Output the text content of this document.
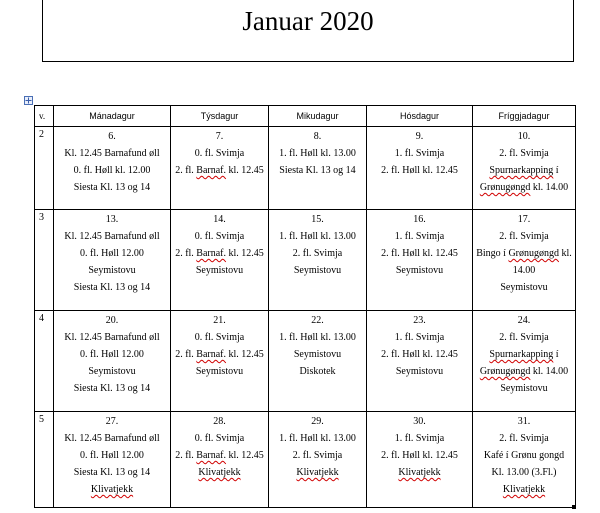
Januar 2020
v.	Mánadagur	Týsdagur	Mikudagur	Hósdagur	Fríggjadagur
2	6.
Kl. 12.45 Barnafund øll
0. fl. Høll kl. 12.00
Siesta Kl. 13 og 14	7.
0. fl. Svimja
2. fl. Barnaf. kl. 12.45	8.
1. fl. Høll kl. 13.00
Siesta Kl. 13 og 14	9.
1. fl. Svimja
2. fl. Høll kl. 12.45	10.
2. fl. Svimja
Spurnarkapping í
Grønugøngd kl. 14.00

3	13.
Kl. 12.45 Barnafund øll
0. fl. Høll 12.00
Seymistovu
Siesta Kl. 13 og 14	14.
0. fl. Svimja
2. fl. Barnaf. kl. 12.45
Seymistovu	15.
1. fl. Høll kl. 13.00
2. fl. Svimja
Seymistovu	16.
1. fl. Svimja
2. fl. Høll kl. 12.45
Seymistovu	17.
2. fl. Svimja
Bingo í Grønugøngd kl.
14.00
Seymistovu

4	20.
Kl. 12.45 Barnafund øll
0. fl. Høll 12.00
Seymistovu
Siesta Kl. 13 og 14	21.
0. fl. Svimja
2. fl. Barnaf. kl. 12.45
Seymistovu	22.
1. fl. Høll kl. 13.00
Seymistovu
Diskotek	23.
1. fl. Svimja
2. fl. Høll kl. 12.45
Seymistovu	24.
2. fl. Svimja
Spurnarkapping í
Grønugøngd kl. 14.00
Seymistovu

5	27.
Kl. 12.45 Barnafund øll
0. fl. Høll 12.00
Siesta Kl. 13 og 14
Klivatjekk	28.
0. fl. Svimja
2. fl. Barnaf. kl. 12.45
Klivatjekk	29.
1. fl. Høll kl. 13.00
2. fl. Svimja
Klivatjekk	30.
1. fl. Svimja
2. fl. Høll kl. 12.45
Klivatjekk	31.
2. fl. Svimja
Kafé í Grønu gongd
Kl. 13.00 (3.Fl.)
Klivatjekk
